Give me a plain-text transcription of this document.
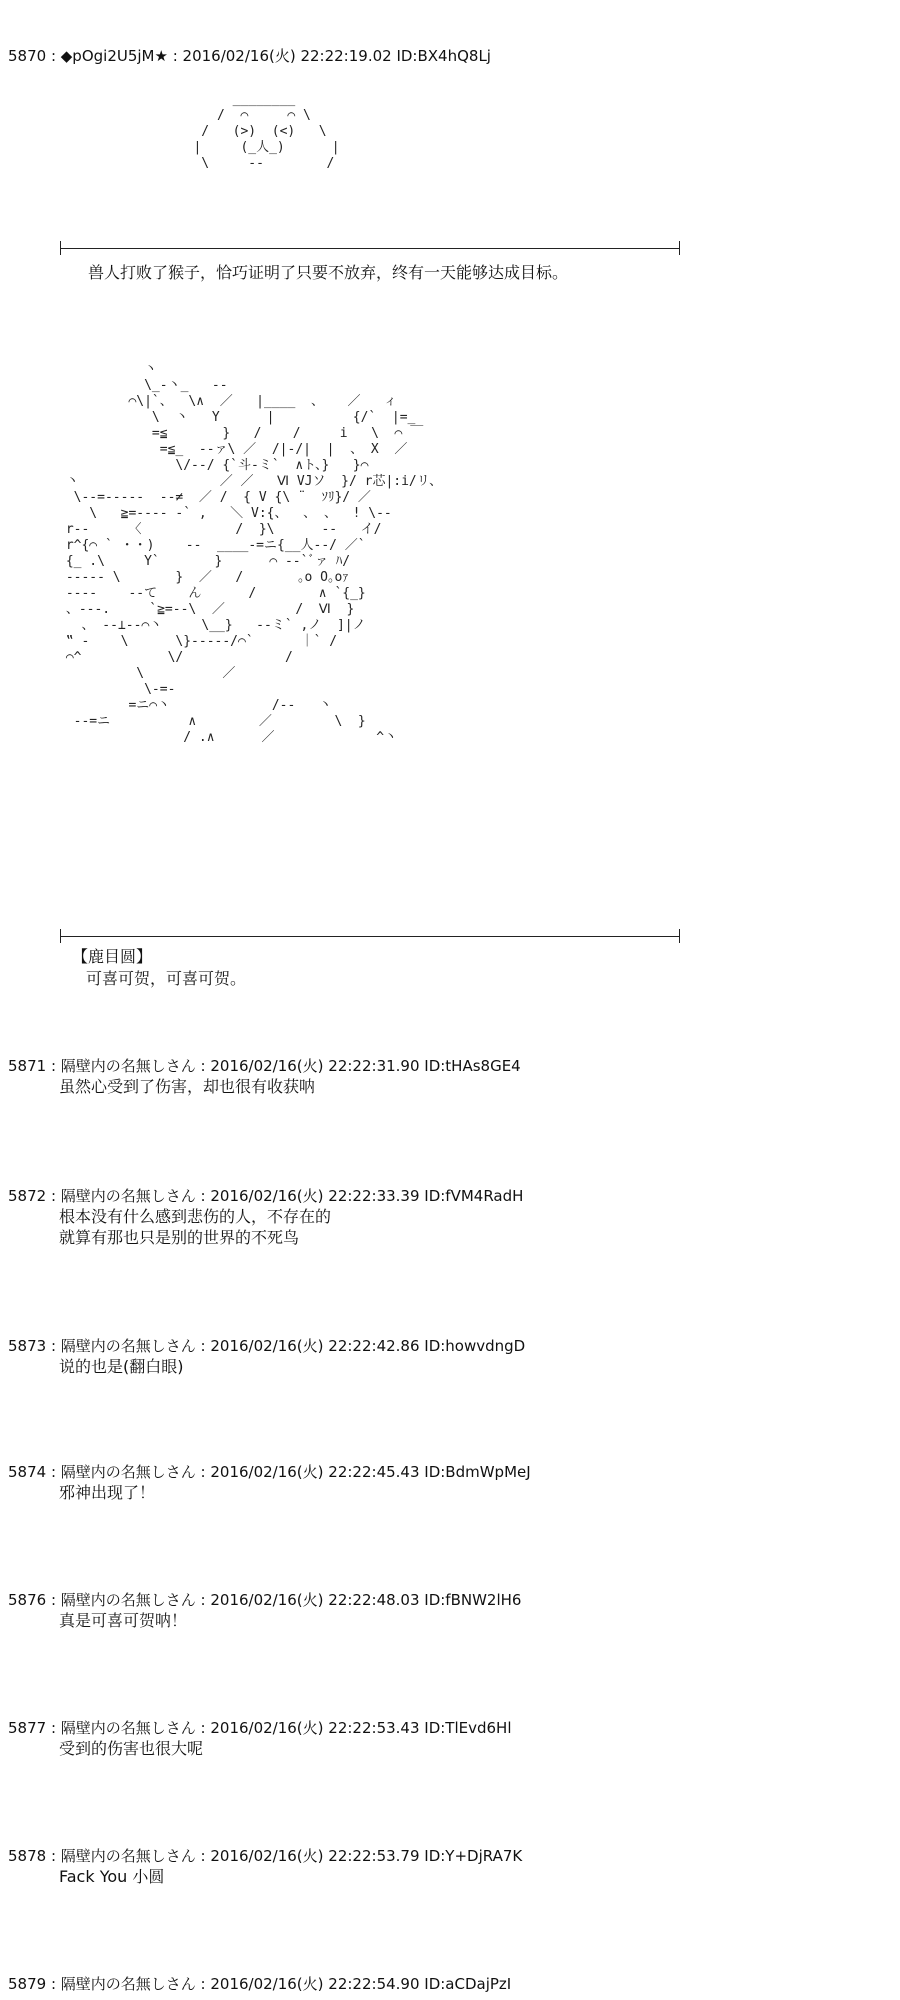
5870 : ◆pOgi2U5jM★ : 2016/02/16(火) 22:22:19.02 ID:BX4hQ8Lj
________
/  ⌒     ⌒ \
/   (>)  (<)   \
|     (_人_)      |
\     ‐‐        /
兽人打败了猴子，恰巧证明了只要不放弃，终有一天能够达成目标。
丶
\_-丶_   ‐‐
⌒\|`、  \∧  ／   |____  、   ／   ィ
\  丶   Y      |          {/`  |=_
=≦       }   /    /     i   \  ⌒ ￣
=≦_  ‐‐ァ\ ／  /|-/|  |  、 X  ／
\/‐‐/ {`斗‐ミ`  ∧ト、}   }⌒
丶                  ／ ／   Ⅵ VJソ  }/ r芯|:i/リ、
\‐‐=‐‐‐‐‐  ‐‐≠  ／ /  { V {\ ¨  ｿﾘ}/ ／
\   ≧=‐‐‐‐ ‐` ,   ＼ V:{、  、 、  ! \‐‐
r‐‐     〈            /  }\      ‐‐   イ/
r^{⌒ ` ・・)    ‐‐  ____‐=ニ{__人‐‐/ ／`
{_ .\     Y`       }      ⌒ ‐‐`ﾞァ ﾊ/
‐‐‐‐‐ \       }  ／   /       ｡o O｡oｧ
‐‐‐‐    ‐‐て    ん      /        ∧ `{_}
、‐‐‐.     `≧=‐‐\  ／         /  Ⅵ  }
、 ‐‐⊥‐‐⌒丶     \__}   ‐‐ミ` ,ノ  ]|ノ
‟ ‐    \      \}‐‐‐‐‐/⌒`      ｜` /
⌒^           \/             /
\          ／
\‐=‐
=ニ⌒丶             /‐‐   丶
‐‐=ニ          ∧        ／        \  }
/ .∧      ／             ^丶
【鹿目圆】
可喜可贺，可喜可贺。
5871 : 隔壁内の名無しさん : 2016/02/16(火) 22:22:31.90 ID:tHAs8GE4
虽然心受到了伤害，却也很有收获呐
5872 : 隔壁内の名無しさん : 2016/02/16(火) 22:22:33.39 ID:fVM4RadH
根本没有什么感到悲伤的人，不存在的
就算有那也只是别的世界的不死鸟
5873 : 隔壁内の名無しさん : 2016/02/16(火) 22:22:42.86 ID:howvdngD
说的也是(翻白眼)
5874 : 隔壁内の名無しさん : 2016/02/16(火) 22:22:45.43 ID:BdmWpMeJ
邪神出现了！
5876 : 隔壁内の名無しさん : 2016/02/16(火) 22:22:48.03 ID:fBNW2lH6
真是可喜可贺呐！
5877 : 隔壁内の名無しさん : 2016/02/16(火) 22:22:53.43 ID:TlEvd6Hl
受到的伤害也很大呢
5878 : 隔壁内の名無しさん : 2016/02/16(火) 22:22:53.79 ID:Y+DjRA7K
Fack You 小圆
5879 : 隔壁内の名無しさん : 2016/02/16(火) 22:22:54.90 ID:aCDajPzI
